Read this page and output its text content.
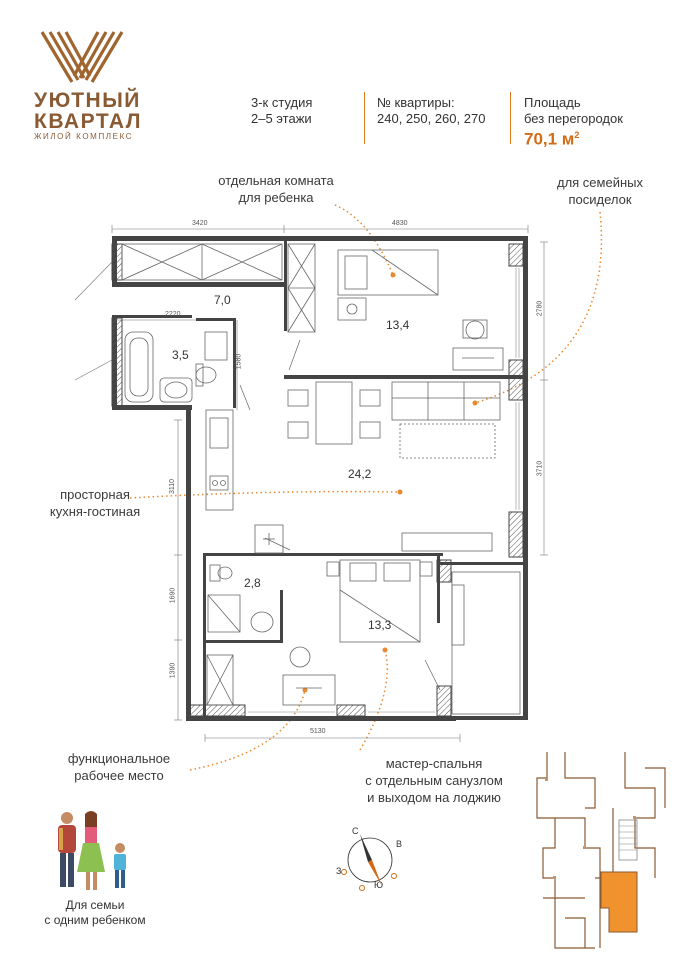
УЮТНЫЙ
КВАРТАЛ
ЖИЛОЙ КОМПЛЕКС
3-к студия
2–5 этажи
№ квартиры:
240, 250, 260, 270
Площадь
без перегородок
70,1 $м^2$
отдельная комната
для ребенка
для семейных
посиделок
просторная
кухня-гостиная
функциональное
рабочее место
мастер-спальня
с отдельным санузлом
и выходом на лоджию
7,0
3,5
13,4
24,2
2,8
13,3
3420	4830
2220
1580
2780
3710
3110
1690
1390
5130
Для семьи
с одним ребенком
С
В
Ю
З
